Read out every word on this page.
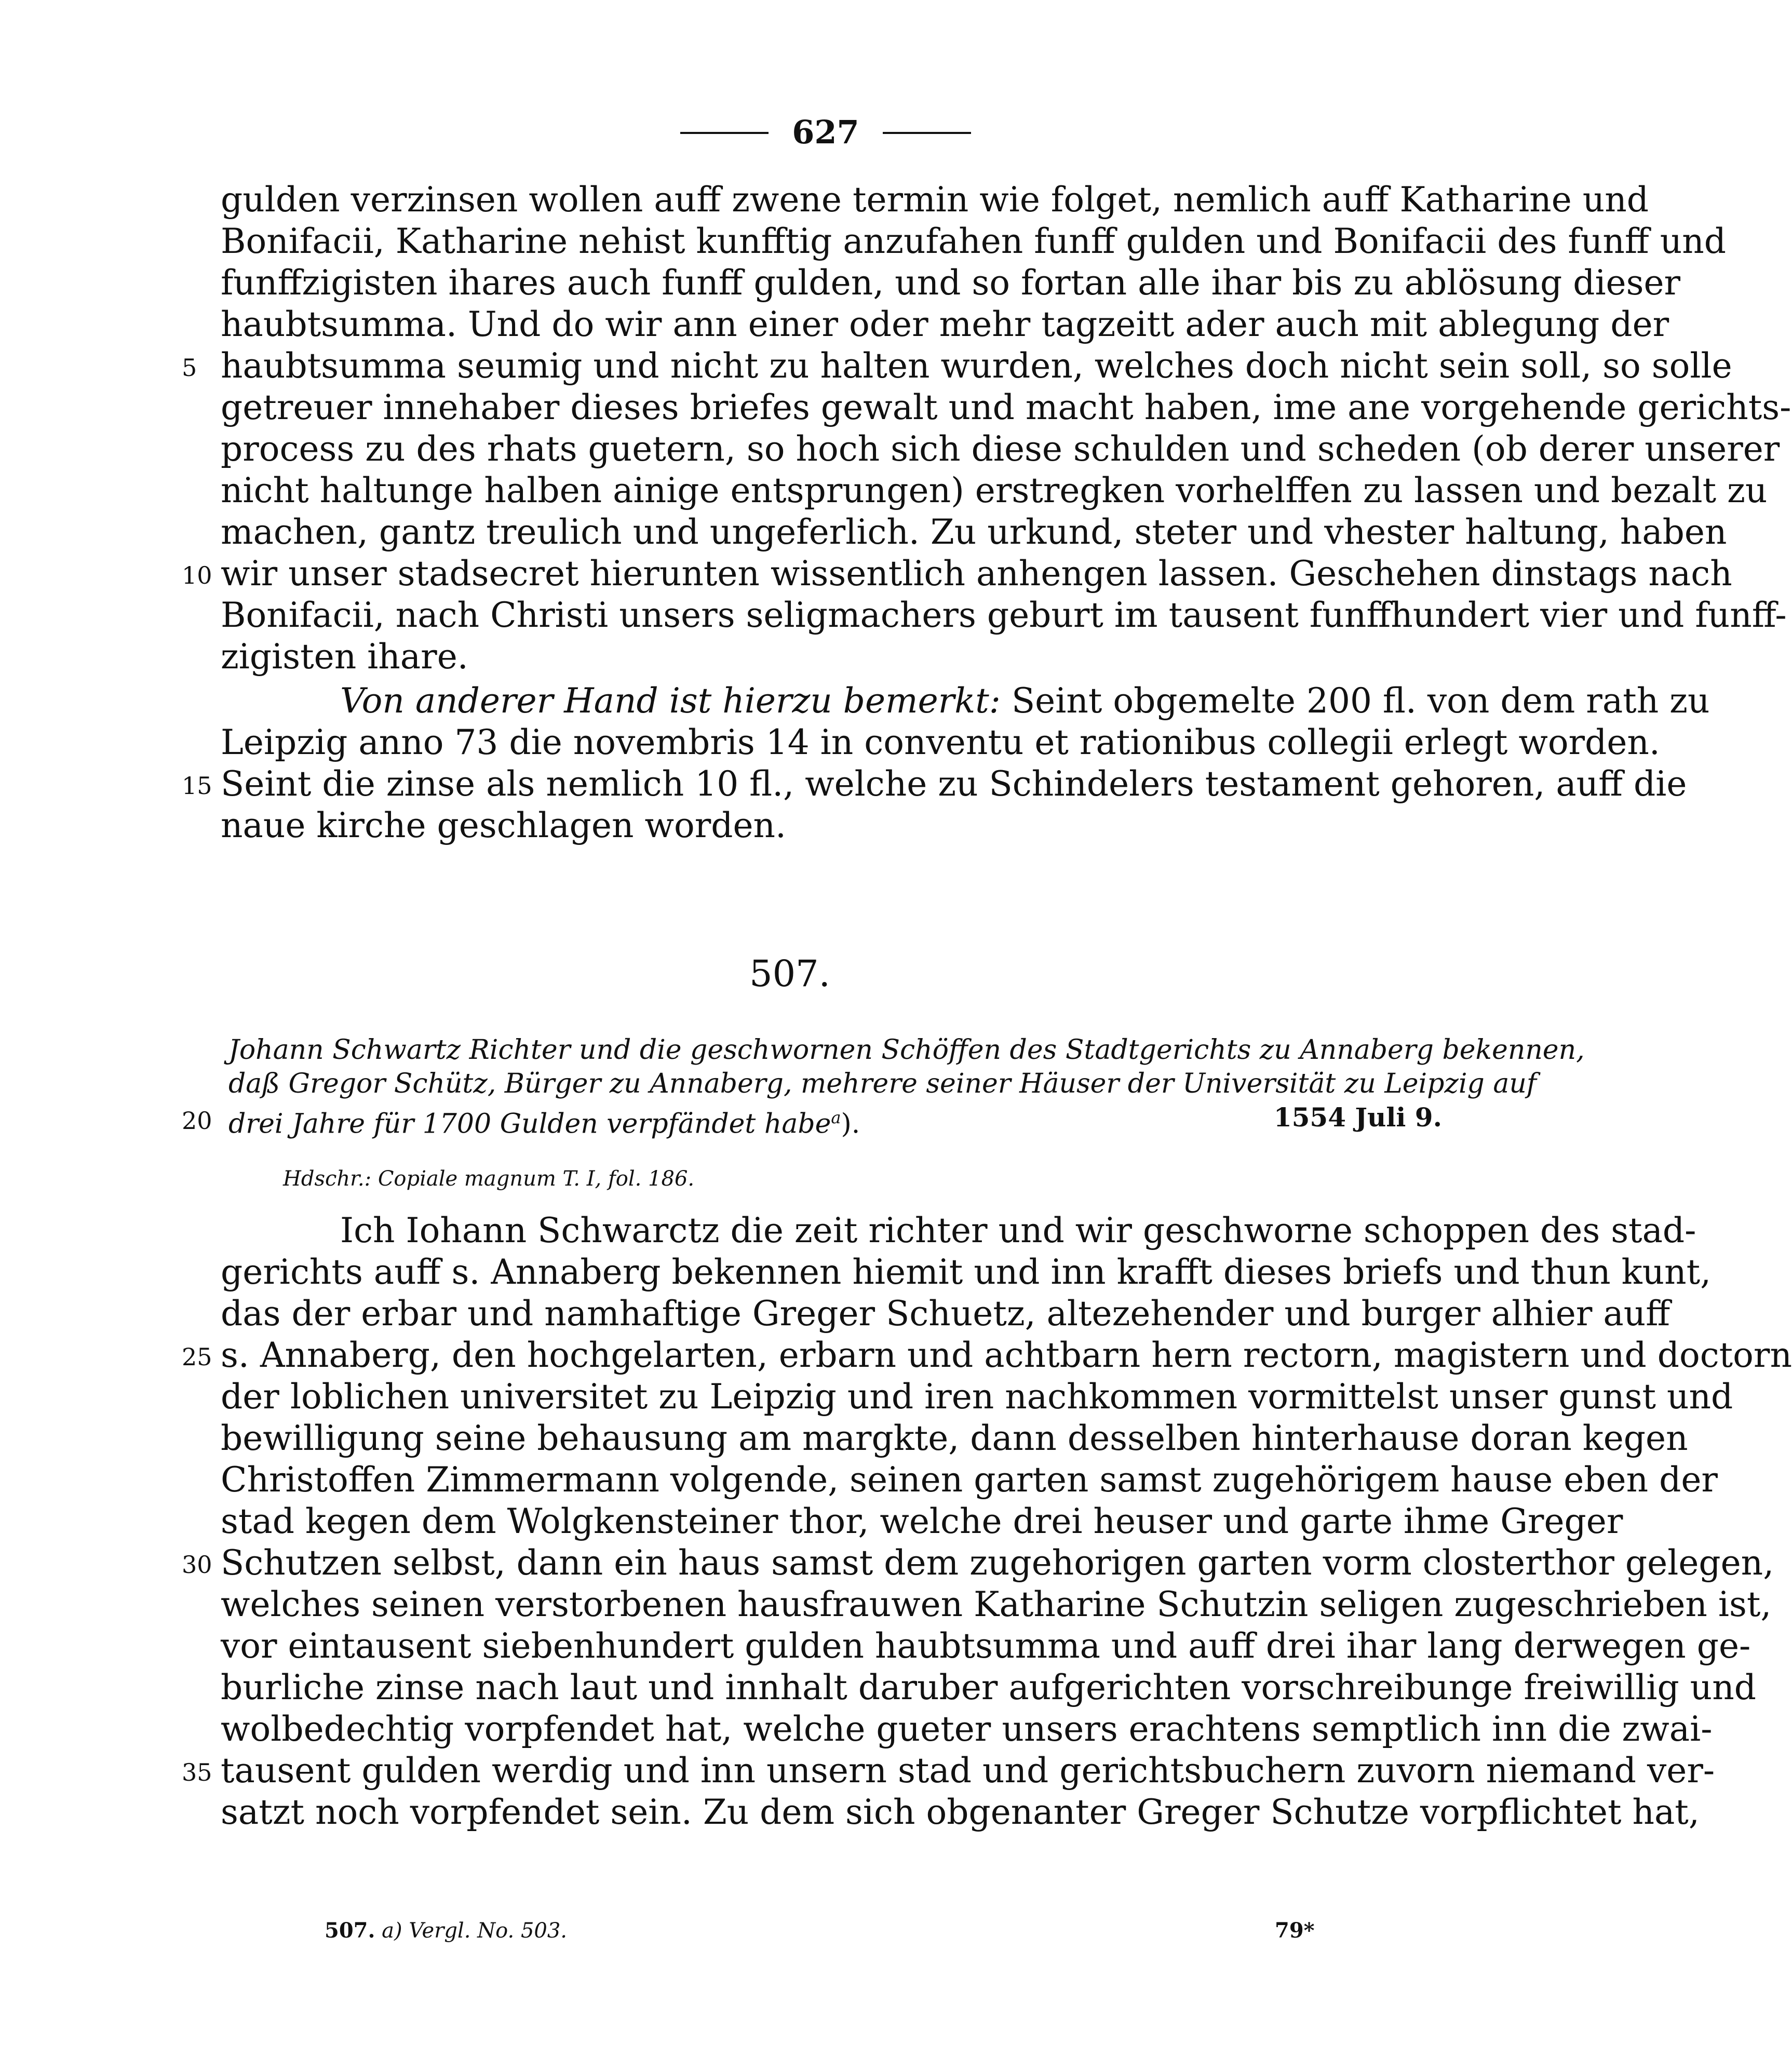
627
gulden verzinsen wollen auff zwene termin wie folget, nemlich auff Katharine und
Bonifacii, Katharine nehist kunfftig anzufahen funff gulden und Bonifacii des funff und
funffzigisten ihares auch funff gulden, und so fortan alle ihar bis zu ablösung dieser
haubtsumma. Und do wir ann einer oder mehr tagzeitt ader auch mit ablegung der
5 haubtsumma seumig und nicht zu halten wurden, welches doch nicht sein soll, so solle
getreuer innehaber dieses briefes gewalt und macht haben, ime ane vorgehende gerichts-
process zu des rhats guetern, so hoch sich diese schulden und scheden (ob derer unserer
nicht haltunge halben ainige entsprungen) erstregken vorhelffen zu lassen und bezalt zu
machen, gantz treulich und ungeferlich. Zu urkund, steter und vhester haltung, haben
10 wir unser stadsecret hierunten wissentlich anhengen lassen. Geschehen dinstags nach
Bonifacii, nach Christi unsers seligmachers geburt im tausent funffhundert vier und funff-
zigisten ihare.
Von anderer Hand ist hierzu bemerkt: Seint obgemelte 200 fl. von dem rath zu
Leipzig anno 73 die novembris 14 in conventu et rationibus collegii erlegt worden.
15 Seint die zinse als nemlich 10 fl., welche zu Schindelers testament gehoren, auff die
naue kirche geschlagen worden.
507.
Johann Schwartz Richter und die geschwornen Schöffen des Stadtgerichts zu Annaberg bekennen,
daß Gregor Schütz, Bürger zu Annaberg, mehrere seiner Häuser der Universität zu Leipzig auf
20 drei Jahre für 1700 Gulden verpfändet habe$^a$).	1554 Juli 9.
Hdschr.: Copiale magnum T. I, fol. 186.
Ich Iohann Schwarctz die zeit richter und wir geschworne schoppen des stad-
gerichts auff s. Annaberg bekennen hiemit und inn krafft dieses briefs und thun kunt,
das der erbar und namhaftige Greger Schuetz, altezehender und burger alhier auff
25 s. Annaberg, den hochgelarten, erbarn und achtbarn hern rectorn, magistern und doctorn
der loblichen universitet zu Leipzig und iren nachkommen vormittelst unser gunst und
bewilligung seine behausung am margkte, dann desselben hinterhause doran kegen
Christoffen Zimmermann volgende, seinen garten samst zugehörigem hause eben der
stad kegen dem Wolgkensteiner thor, welche drei heuser und garte ihme Greger
30 Schutzen selbst, dann ein haus samst dem zugehorigen garten vorm closterthor gelegen,
welches seinen verstorbenen hausfrauwen Katharine Schutzin seligen zugeschrieben ist,
vor eintausent siebenhundert gulden haubtsumma und auff drei ihar lang derwegen ge-
burliche zinse nach laut und innhalt daruber aufgerichten vorschreibunge freiwillig und
wolbedechtig vorpfendet hat, welche gueter unsers erachtens semptlich inn die zwai-
35 tausent gulden werdig und inn unsern stad und gerichtsbuchern zuvorn niemand ver-
satzt noch vorpfendet sein. Zu dem sich obgenanter Greger Schutze vorpflichtet hat,
507. a) Vergl. No. 503.	79*
